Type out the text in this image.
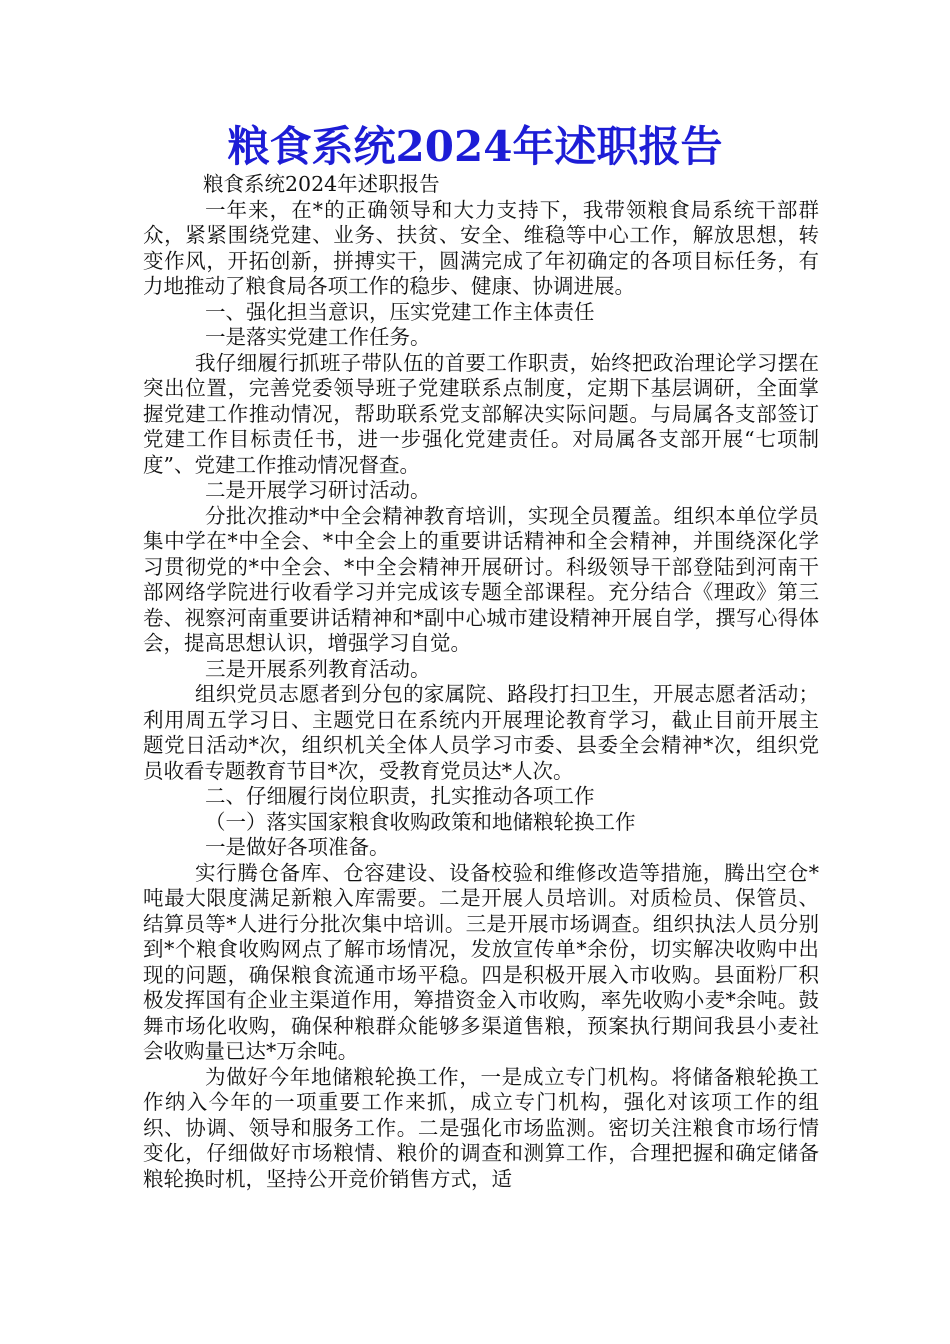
粮食系统2024年述职报告

粮食系统2024年述职报告

一年来，在*的正确领导和大力支持下，我带领粮食局系统干部群众，紧紧围绕党建、业务、扶贫、安全、维稳等中心工作，解放思想，转变作风，开拓创新，拼搏实干，圆满完成了年初确定的各项目标任务，有力地推动了粮食局各项工作的稳步、健康、协调进展。

一、强化担当意识，压实党建工作主体责任

一是落实党建工作任务。

我仔细履行抓班子带队伍的首要工作职责，始终把政治理论学习摆在突出位置，完善党委领导班子党建联系点制度，定期下基层调研，全面掌握党建工作推动情况，帮助联系党支部解决实际问题。与局属各支部签订党建工作目标责任书，进一步强化党建责任。对局属各支部开展“七项制度”、党建工作推动情况督查。

二是开展学习研讨活动。

分批次推动*中全会精神教育培训，实现全员覆盖。组织本单位学员集中学在*中全会、*中全会上的重要讲话精神和全会精神，并围绕深化学习贯彻党的*中全会、*中全会精神开展研讨。科级领导干部登陆到河南干部网络学院进行收看学习并完成该专题全部课程。充分结合《理政》第三卷、视察河南重要讲话精神和*副中心城市建设精神开展自学，撰写心得体会，提高思想认识，增强学习自觉。

三是开展系列教育活动。

组织党员志愿者到分包的家属院、路段打扫卫生，开展志愿者活动；利用周五学习日、主题党日在系统内开展理论教育学习，截止目前开展主题党日活动*次，组织机关全体人员学习市委、县委全会精神*次，组织党员收看专题教育节目*次，受教育党员达*人次。

二、仔细履行岗位职责，扎实推动各项工作

（一）落实国家粮食收购政策和地储粮轮换工作

一是做好各项准备。

实行腾仓备库、仓容建设、设备校验和维修改造等措施，腾出空仓*吨最大限度满足新粮入库需要。二是开展人员培训。对质检员、保管员、结算员等*人进行分批次集中培训。三是开展市场调查。组织执法人员分别到*个粮食收购网点了解市场情况，发放宣传单*余份，切实解决收购中出现的问题，确保粮食流通市场平稳。四是积极开展入市收购。县面粉厂积极发挥国有企业主渠道作用，筹措资金入市收购，率先收购小麦*余吨。鼓舞市场化收购，确保种粮群众能够多渠道售粮，预案执行期间我县小麦社会收购量已达*万余吨。

为做好今年地储粮轮换工作，一是成立专门机构。将储备粮轮换工作纳入今年的一项重要工作来抓，成立专门机构，强化对该项工作的组织、协调、领导和服务工作。二是强化市场监测。密切关注粮食市场行情变化，仔细做好市场粮情、粮价的调查和测算工作，合理把握和确定储备粮轮换时机，坚持公开竞价销售方式，适
